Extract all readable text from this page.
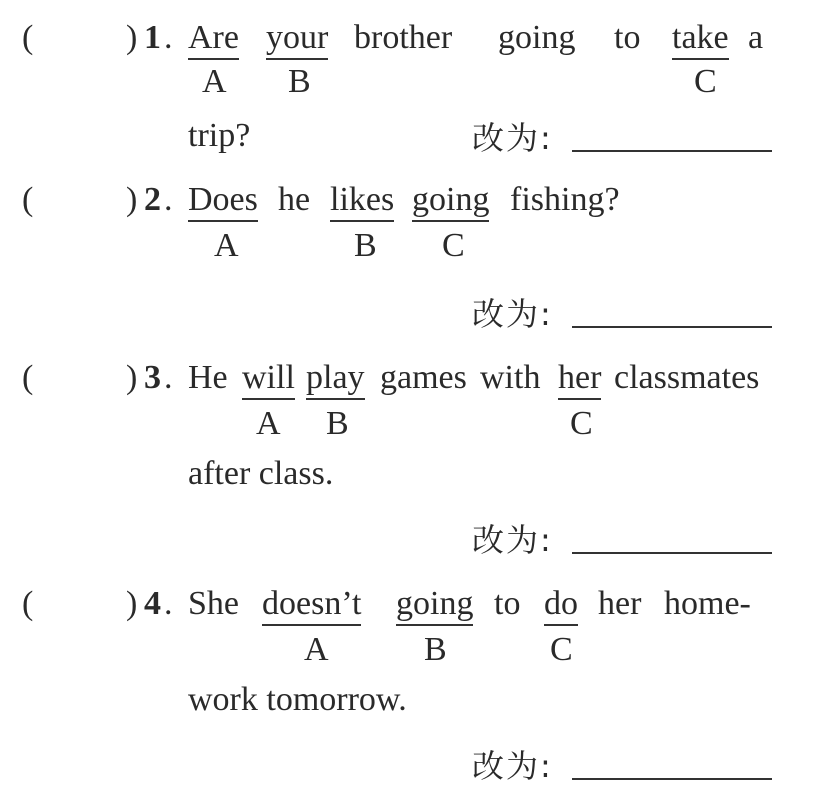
(	) 1 . Are your brother going to take a
A B	C
trip?	改为:
(	) 2 . Does he likes going fishing?
A	B C
改为:
(	) 3 . He will play games with her classmates
A B	C
after class.
改为:
(	) 4 . She doesn’t going to do her home-
A	B	C
work tomorrow.
改为:
